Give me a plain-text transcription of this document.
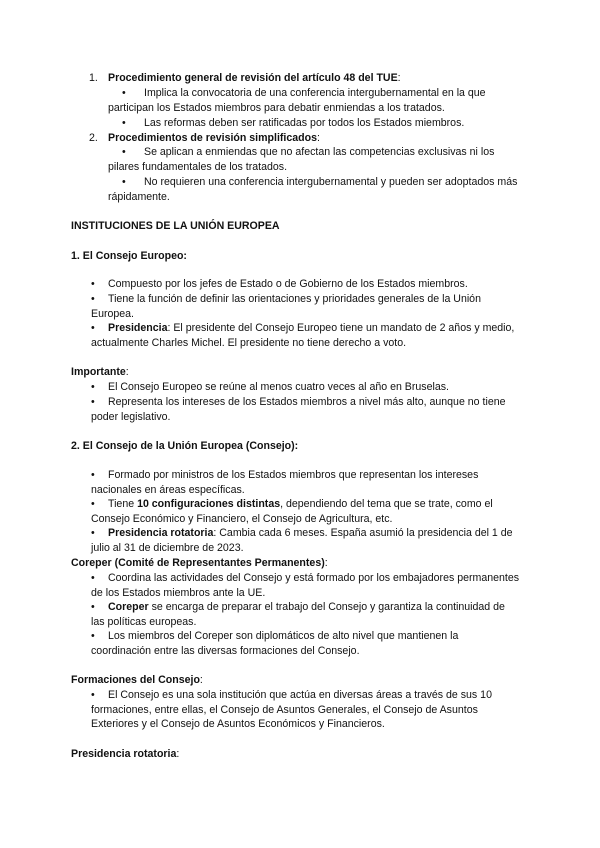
1. Procedimiento general de revisión del artículo 48 del TUE:
•	Implica la convocatoria de una conferencia intergubernamental en la que participan los Estados miembros para debatir enmiendas a los tratados.
•	Las reformas deben ser ratificadas por todos los Estados miembros.
2. Procedimientos de revisión simplificados:
•	Se aplican a enmiendas que no afectan las competencias exclusivas ni los pilares fundamentales de los tratados.
•	No requieren una conferencia intergubernamental y pueden ser adoptados más rápidamente.
INSTITUCIONES DE LA UNIÓN EUROPEA
1. El Consejo Europeo:
•	Compuesto por los jefes de Estado o de Gobierno de los Estados miembros.
•	Tiene la función de definir las orientaciones y prioridades generales de la Unión Europea.
•	Presidencia: El presidente del Consejo Europeo tiene un mandato de 2 años y medio, actualmente Charles Michel. El presidente no tiene derecho a voto.
Importante:
•	El Consejo Europeo se reúne al menos cuatro veces al año en Bruselas.
•	Representa los intereses de los Estados miembros a nivel más alto, aunque no tiene poder legislativo.
2. El Consejo de la Unión Europea (Consejo):
•	Formado por ministros de los Estados miembros que representan los intereses nacionales en áreas específicas.
•	Tiene 10 configuraciones distintas, dependiendo del tema que se trate, como el Consejo Económico y Financiero, el Consejo de Agricultura, etc.
•	Presidencia rotatoria: Cambia cada 6 meses. España asumió la presidencia del 1 de julio al 31 de diciembre de 2023.
Coreper (Comité de Representantes Permanentes):
•	Coordina las actividades del Consejo y está formado por los embajadores permanentes de los Estados miembros ante la UE.
•	Coreper se encarga de preparar el trabajo del Consejo y garantiza la continuidad de las políticas europeas.
•	Los miembros del Coreper son diplomáticos de alto nivel que mantienen la coordinación entre las diversas formaciones del Consejo.
Formaciones del Consejo:
•	El Consejo es una sola institución que actúa en diversas áreas a través de sus 10 formaciones, entre ellas, el Consejo de Asuntos Generales, el Consejo de Asuntos Exteriores y el Consejo de Asuntos Económicos y Financieros.
Presidencia rotatoria:
